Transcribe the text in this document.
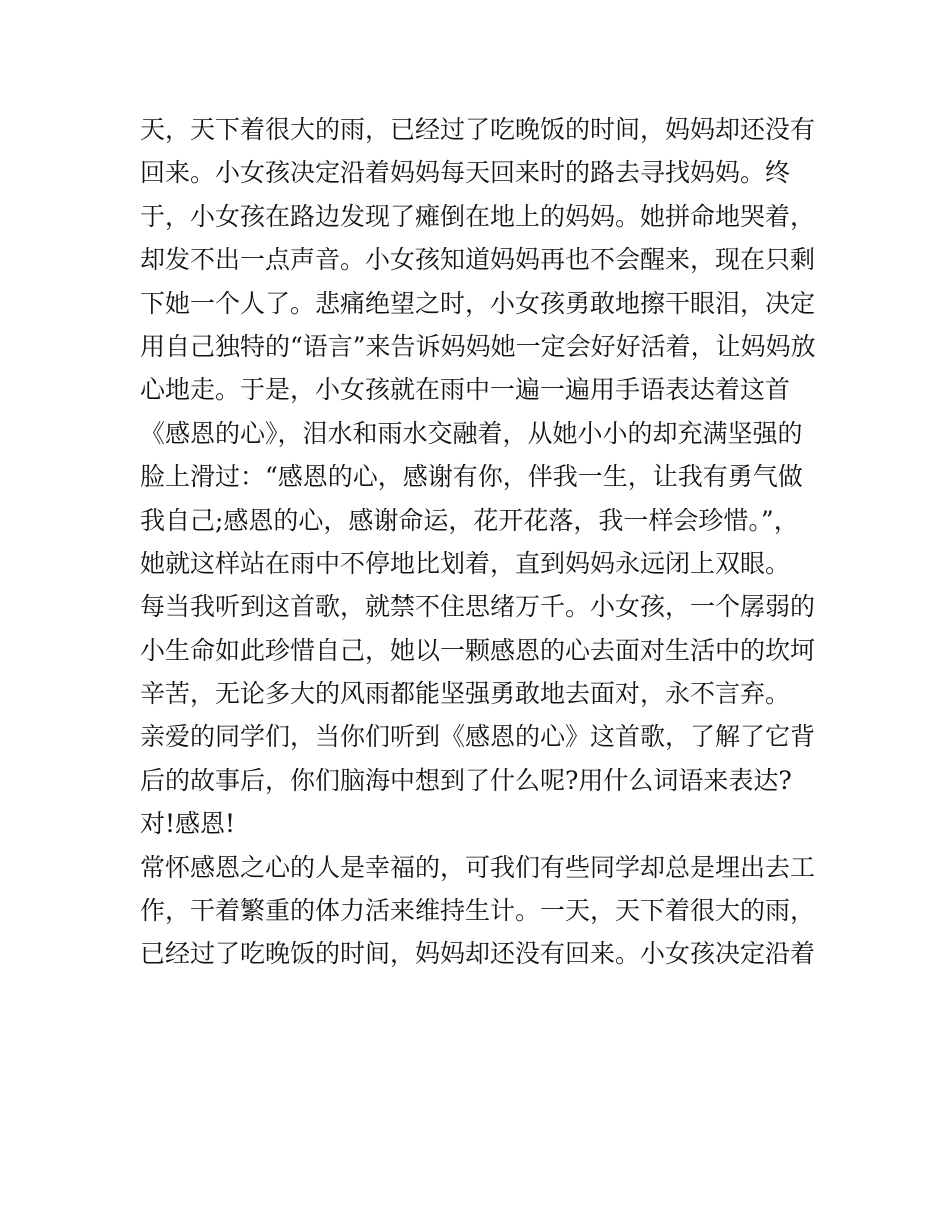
天，天下着很大的雨，已经过了吃晚饭的时间，妈妈却还没有
回来。小女孩决定沿着妈妈每天回来时的路去寻找妈妈。终
于，小女孩在路边发现了瘫倒在地上的妈妈。她拼命地哭着，
却发不出一点声音。小女孩知道妈妈再也不会醒来，现在只剩
下她一个人了。悲痛绝望之时，小女孩勇敢地擦干眼泪，决定
用自己独特的“语言”来告诉妈妈她一定会好好活着，让妈妈放
心地走。于是，小女孩就在雨中一遍一遍用手语表达着这首
《感恩的心》，泪水和雨水交融着，从她小小的却充满坚强的
脸上滑过：“感恩的心，感谢有你，伴我一生，让我有勇气做
我自己;感恩的心，感谢命运，花开花落，我一样会珍惜。”，
她就这样站在雨中不停地比划着，直到妈妈永远闭上双眼。
每当我听到这首歌，就禁不住思绪万千。小女孩，一个孱弱的
小生命如此珍惜自己，她以一颗感恩的心去面对生活中的坎坷
辛苦，无论多大的风雨都能坚强勇敢地去面对，永不言弃。
亲爱的同学们，当你们听到《感恩的心》这首歌，了解了它背
后的故事后，你们脑海中想到了什么呢?用什么词语来表达?
对!感恩!
常怀感恩之心的人是幸福的，可我们有些同学却总是埋出去工
作，干着繁重的体力活来维持生计。一天，天下着很大的雨，
已经过了吃晚饭的时间，妈妈却还没有回来。小女孩决定沿着
